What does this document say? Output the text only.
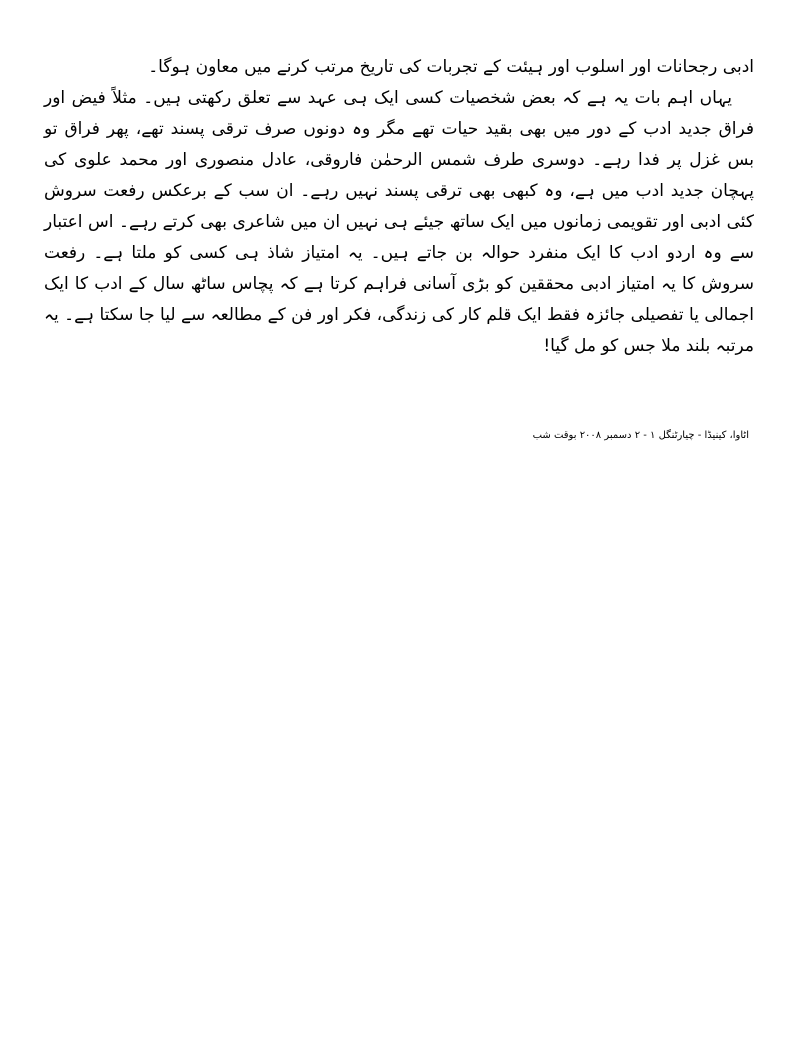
ادبی رجحانات اور اسلوب اور ہیئت کے تجربات کی تاریخ مرتب کرنے میں معاون ہوگا۔

یہاں اہم بات یہ ہے کہ بعض شخصیات کسی ایک ہی عہد سے تعلق رکھتی ہیں۔ مثلاً فیض اور فراق جدید ادب کے دور میں بھی بقید حیات تھے مگر وہ دونوں صرف ترقی پسند تھے، پھر فراق تو بس غزل پر فدا رہے۔ دوسری طرف شمس الرحمٰن فاروقی، عادل منصوری اور محمد علوی کی پہچان جدید ادب میں ہے، وہ کبھی بھی ترقی پسند نہیں رہے۔ ان سب کے برعکس رفعت سروش کئی ادبی اور تقویمی زمانوں میں ایک ساتھ جیئے ہی نہیں ان میں شاعری بھی کرتے رہے۔ اس اعتبار سے وہ اردو ادب کا ایک منفرد حوالہ بن جاتے ہیں۔ یہ امتیاز شاذ ہی کسی کو ملتا ہے۔ رفعت سروش کا یہ امتیاز ادبی محققین کو بڑی آسانی فراہم کرتا ہے کہ پچاس ساٹھ سال کے ادب کا ایک اجمالی یا تفصیلی جائزہ فقط ایک قلم کار کی زندگی، فکر اور فن کے مطالعہ سے لیا جا سکتا ہے۔ یہ مرتبہ بلند ملا جس کو مل گیا!

اٹاوا، کینیڈا - چیارٹنگل ١ - ٢ دسمبر ٢٠٠٨ بوقت شب
